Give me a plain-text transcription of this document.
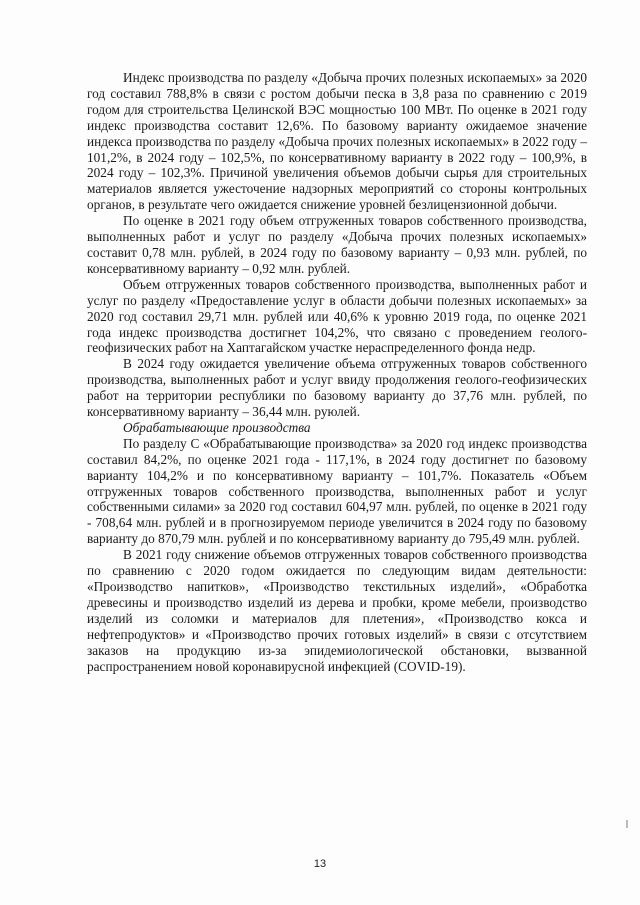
Индекс производства по разделу «Добыча прочих полезных ископаемых» за 2020 год составил 788,8% в связи с ростом добычи песка в 3,8 раза по сравнению с 2019 годом для строительства Целинской ВЭС мощностью 100 МВт. По оценке в 2021 году индекс производства составит 12,6%. По базовому варианту ожидаемое значение индекса производства по разделу «Добыча прочих полезных ископаемых» в 2022 году – 101,2%, в 2024 году – 102,5%, по консервативному варианту в 2022 году – 100,9%, в 2024 году – 102,3%. Причиной увеличения объемов добычи сырья для строительных материалов является ужесточение надзорных мероприятий со стороны контрольных органов, в результате чего ожидается снижение уровней безлицензионной добычи.

По оценке в 2021 году объем отгруженных товаров собственного производства, выполненных работ и услуг по разделу «Добыча прочих полезных ископаемых» составит 0,78 млн. рублей, в 2024 году по базовому варианту – 0,93 млн. рублей, по консервативному варианту – 0,92 млн. рублей.

Объем отгруженных товаров собственного производства, выполненных работ и услуг по разделу «Предоставление услуг в области добычи полезных ископаемых» за 2020 год составил 29,71 млн. рублей или 40,6% к уровню 2019 года, по оценке 2021 года индекс производства достигнет 104,2%, что связано с проведением геолого-геофизических работ на Хаптагайском участке нераспределенного фонда недр.

В 2024 году ожидается увеличение объема отгруженных товаров собственного производства, выполненных работ и услуг ввиду продолжения геолого-геофизических работ на территории республики по базовому варианту до 37,76 млн. рублей, по консервативному варианту – 36,44 млн. руюлей.

Обрабатывающие производства

По разделу С «Обрабатывающие производства» за 2020 год индекс производства составил 84,2%, по оценке 2021 года - 117,1%, в 2024 году достигнет по базовому варианту 104,2% и по консервативному варианту – 101,7%. Показатель «Объем отгруженных товаров собственного производства, выполненных работ и услуг собственными силами» за 2020 год составил 604,97 млн. рублей, по оценке в 2021 году - 708,64 млн. рублей и в прогнозируемом периоде увеличится в 2024 году по базовому варианту до 870,79 млн. рублей и по консервативному варианту до 795,49 млн. рублей.

В 2021 году снижение объемов отгруженных товаров собственного производства по сравнению с 2020 годом ожидается по следующим видам деятельности: «Производство напитков», «Производство текстильных изделий», «Обработка древесины и производство изделий из дерева и пробки, кроме мебели, производство изделий из соломки и материалов для плетения», «Производство кокса и нефтепродуктов» и «Производство прочих готовых изделий» в связи с отсутствием заказов на продукцию из-за эпидемиологической обстановки, вызванной распространением новой коронавирусной инфекцией (COVID-19).

13
